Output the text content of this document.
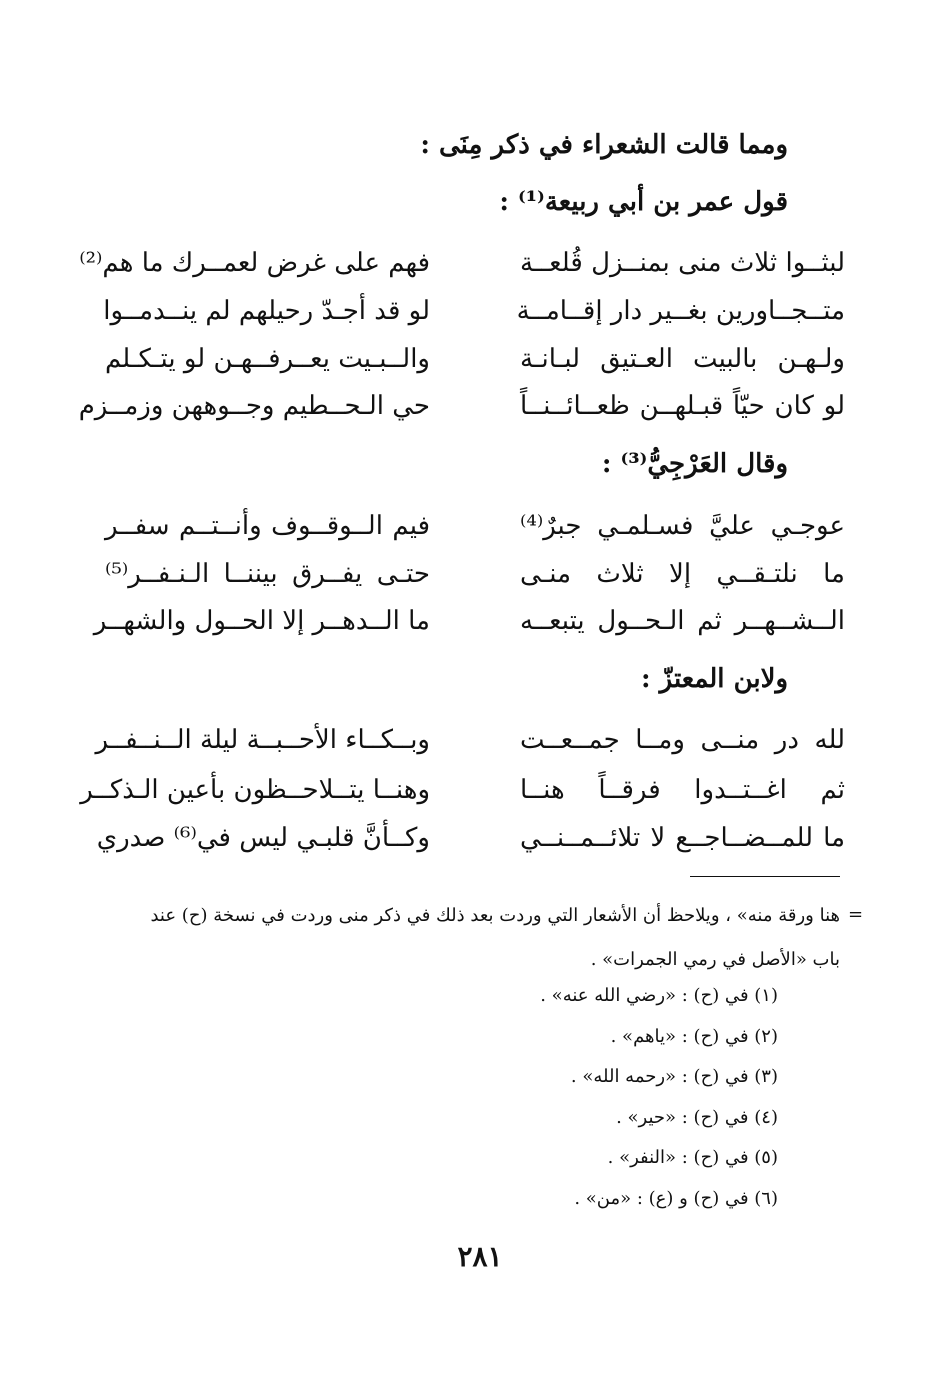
ومما قالت الشعراء في ذكر مِنَى :
قول عمر بن أبي ربيعة⁽¹⁾ :
لبثــوا ثلاث منى بمنــزل قُلعــة
فهم على غرض لعمــرك ما هم⁽²⁾
متــجــاورين بغــير دار إقــامــة
لو قد أجـدّ رحيلهم لم ينــدمــوا
ولـهـن بالبيت العـتيق لبـانـة
والــبـيت يعــرفــهـن لو يتـكـلم
لو كان حيّاً قبـلهــن ظعــائــنــاً
حي الـحــطيم وجــوههن وزمــزم
وقال العَرْجِيُّ⁽³⁾ :
عوجـي عليَّ فسـلمـي جبرٌ⁽⁴⁾
فيم الــوقــوف وأنــتــم سفــر
ما نلتـقــي إلا ثلاث منـى
حتـى يفــرق بيننــا الـنـفــر⁽⁵⁾
الــشــهــر ثم الـحــول يتبعــه
ما الــدهــر إلا الحــول والشهــر
ولابن المعتزّ :
لله در منــى ومــا جمــعــت
وبــكــاء الأحــبــة ليلة الــنــفــر
ثم اغــتــدوا فرقــاً هنــا
وهنــا يتــلاحــظون بأعين الـذكــر
ما للمــضــاجــع لا تلائــمــنــي
وكــأنَّ قلبـي ليس في⁽⁶⁾ صدري
=
هنا ورقة منه» ، ويلاحظ أن الأشعار التي وردت بعد ذلك في ذكر منى وردت في نسخة (ح) عند باب «الأصل في رمي الجمرات» .
(١) في (ح) : «رضي الله عنه» .
(٢) في (ح) : «ياهم» .
(٣) في (ح) : «رحمه الله» .
(٤) في (ح) : «حير» .
(٥) في (ح) : «النفر» .
(٦) في (ح) و (ع) : «من» .
٢٨١
